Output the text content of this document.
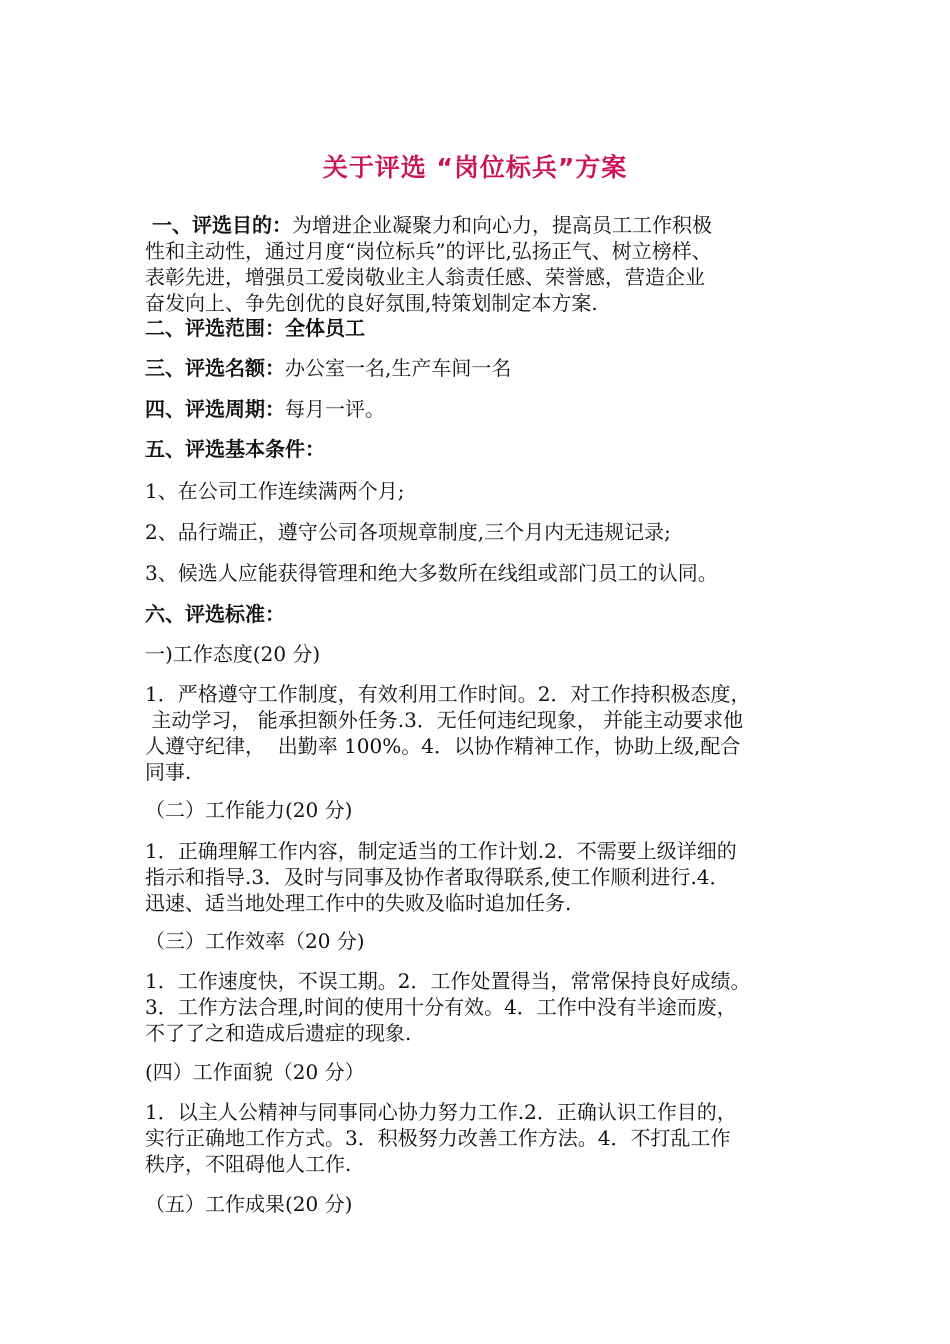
关于评选 “岗位标兵”方案
一、评选目的：为增进企业凝聚力和向心力，提高员工工作积极
性和主动性，通过月度“岗位标兵”的评比,弘扬正气、树立榜样、
表彰先进，增强员工爱岗敬业主人翁责任感、荣誉感，营造企业
奋发向上、争先创优的良好氛围,特策划制定本方案.
二、评选范围：全体员工
三、评选名额：办公室一名,生产车间一名
四、评选周期：每月一评。
五、评选基本条件：
1、在公司工作连续满两个月;
2、品行端正，遵守公司各项规章制度,三个月内无违规记录;
3、候选人应能获得管理和绝大多数所在线组或部门员工的认同。
六、评选标准：
一)工作态度(20 分)
1．严格遵守工作制度，有效利用工作时间。2．对工作持积极态度，
主动学习， 能承担额外任务.3．无任何违纪现象， 并能主动要求他
人遵守纪律，  出勤率 100%。4．以协作精神工作，协助上级,配合
同事.
（二）工作能力(20 分)
1．正确理解工作内容，制定适当的工作计划.2．不需要上级详细的
指示和指导.3．及时与同事及协作者取得联系,使工作顺利进行.4．
迅速、适当地处理工作中的失败及临时追加任务.
（三）工作效率（20 分)
1．工作速度快，不误工期。2．工作处置得当，常常保持良好成绩。
3．工作方法合理,时间的使用十分有效。4．工作中没有半途而废，
不了了之和造成后遗症的现象.
(四）工作面貌（20 分）
1．以主人公精神与同事同心协力努力工作.2．正确认识工作目的，
实行正确地工作方式。3．积极努力改善工作方法。4．不打乱工作
秩序，不阻碍他人工作.
（五）工作成果(20 分)
